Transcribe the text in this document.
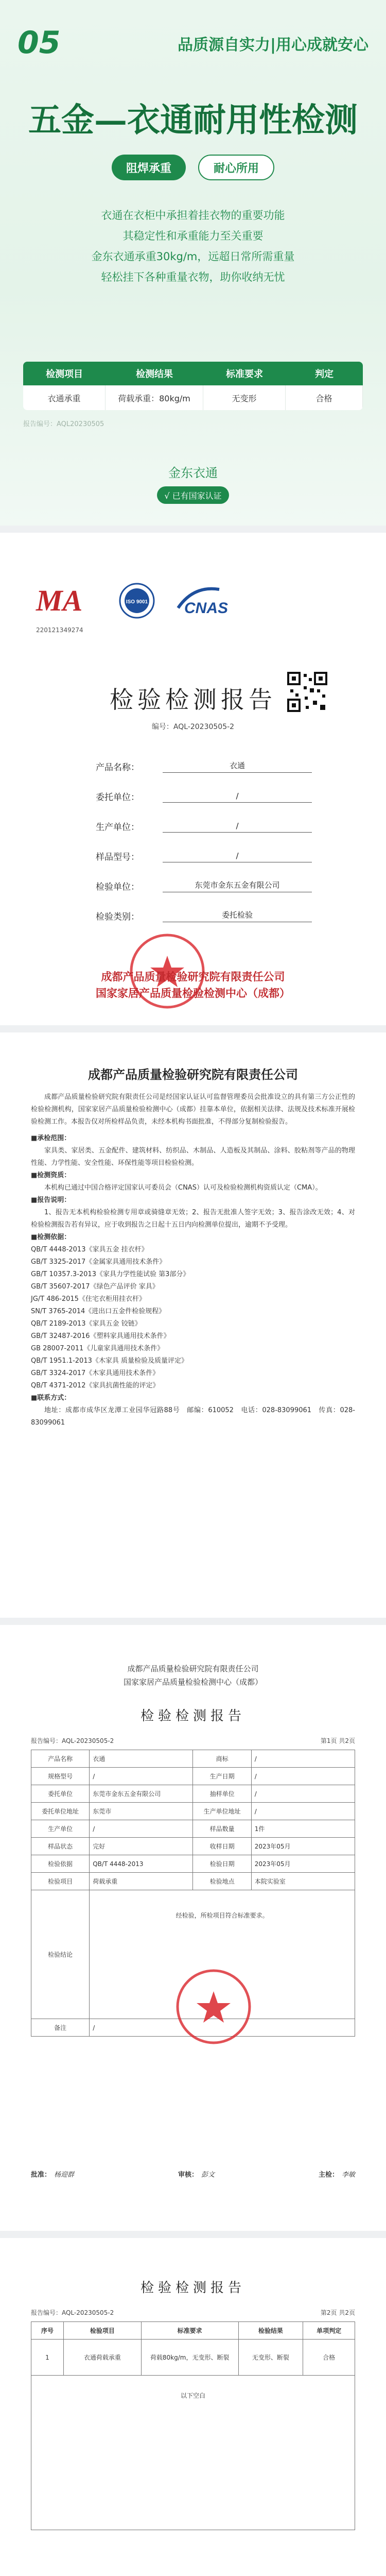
05	品质源自实力|用心成就安心
五金—衣通耐用性检测
阻焊承重	耐心所用
衣通在衣柜中承担着挂衣物的重要功能
其稳定性和承重能力至关重要
金东衣通承重30kg/m，远超日常所需重量
轻松挂下各种重量衣物，助你收纳无忧
检测项目	检测结果	标准要求	判定
衣通承重	荷载承重：80kg/m	无变形	合格
报告编号：AQL20230505
金东衣通
√ 已有国家认证
MA	ISO 9001 CNAS
220121349274
检验检测报告
编号：AQL-20230505-2
产品名称：	衣通
委托单位：	/
生产单位：	/
样品型号：	/
检验单位：	东莞市金东五金有限公司
检验类别：	委托检验
成都产品质量检验研究院有限责任公司
国家家居产品质量检验检测中心（成都）
成都产品质量检验研究院有限责任公司

成都产品质量检验研究院有限责任公司是经国家认证认可监督管理委员会批准设立的具有第三方公正性的检验检测机构，国家家居产品质量检验检测中心（成都）挂靠本单位，依据相关法律、法规及技术标准开展检验检测工作。本报告仅对所检样品负责，未经本机构书面批准，不得部分复制检验报告。

■承检范围：

家具类、家居类、五金配件、建筑材料、纺织品、木制品、人造板及其制品、涂料、胶粘剂等产品的物理性能、力学性能、安全性能、环保性能等项目检验检测。

■检测资质：

本机构已通过中国合格评定国家认可委员会（CNAS）认可及检验检测机构资质认定（CMA）。

■报告说明：

1、报告无本机构检验检测专用章或骑缝章无效；2、报告无批准人签字无效；3、报告涂改无效；4、对检验检测报告若有异议，应于收到报告之日起十五日内向检测单位提出，逾期不予受理。

■检测依据：

QB/T 4448-2013《家具五金 挂衣杆》

GB/T 3325-2017《金属家具通用技术条件》

GB/T 10357.3-2013《家具力学性能试验 第3部分》

GB/T 35607-2017《绿色产品评价 家具》

JG/T 486-2015《住宅衣柜用挂衣杆》

SN/T 3765-2014《进出口五金件检验规程》

QB/T 2189-2013《家具五金 铰链》

GB/T 32487-2016《塑料家具通用技术条件》

GB 28007-2011《儿童家具通用技术条件》

QB/T 1951.1-2013《木家具 质量检验及质量评定》

GB/T 3324-2017《木家具通用技术条件》

QB/T 4371-2012《家具抗菌性能的评定》

■联系方式：

地址：成都市成华区龙潭工业园华冠路88号　邮编：610052　电话：028-83099061　传真：028-83099061

成都产品质量检验研究院有限责任公司
国家家居产品质量检验检测中心（成都）
检验检测报告
报告编号：AQL-20230505-2	第1页 共2页
产品名称	衣通	商标	/
规格型号	/	生产日期	/
委托单位	东莞市金东五金有限公司	抽样单位	/
委托单位地址	东莞市	生产单位地址	/
生产单位	/	样品数量	1件
样品状态	完好	收样日期	2023年05月
检验依据	QB/T 4448-2013	检验日期	2023年05月
检验项目	荷载承重	检验地点	本院实验室
检验结论	经检验，所检项目符合标准要求。		
备注	/		
批准： 杨迎群	审核： 彭文	主检： 李敏
检验检测报告
报告编号：AQL-20230505-2	第2页 共2页
序号	检验项目	标准要求	检验结果	单项判定
1	衣通荷载承重	荷载80kg/m，无变形、断裂	无变形、断裂	合格
以下空白				
